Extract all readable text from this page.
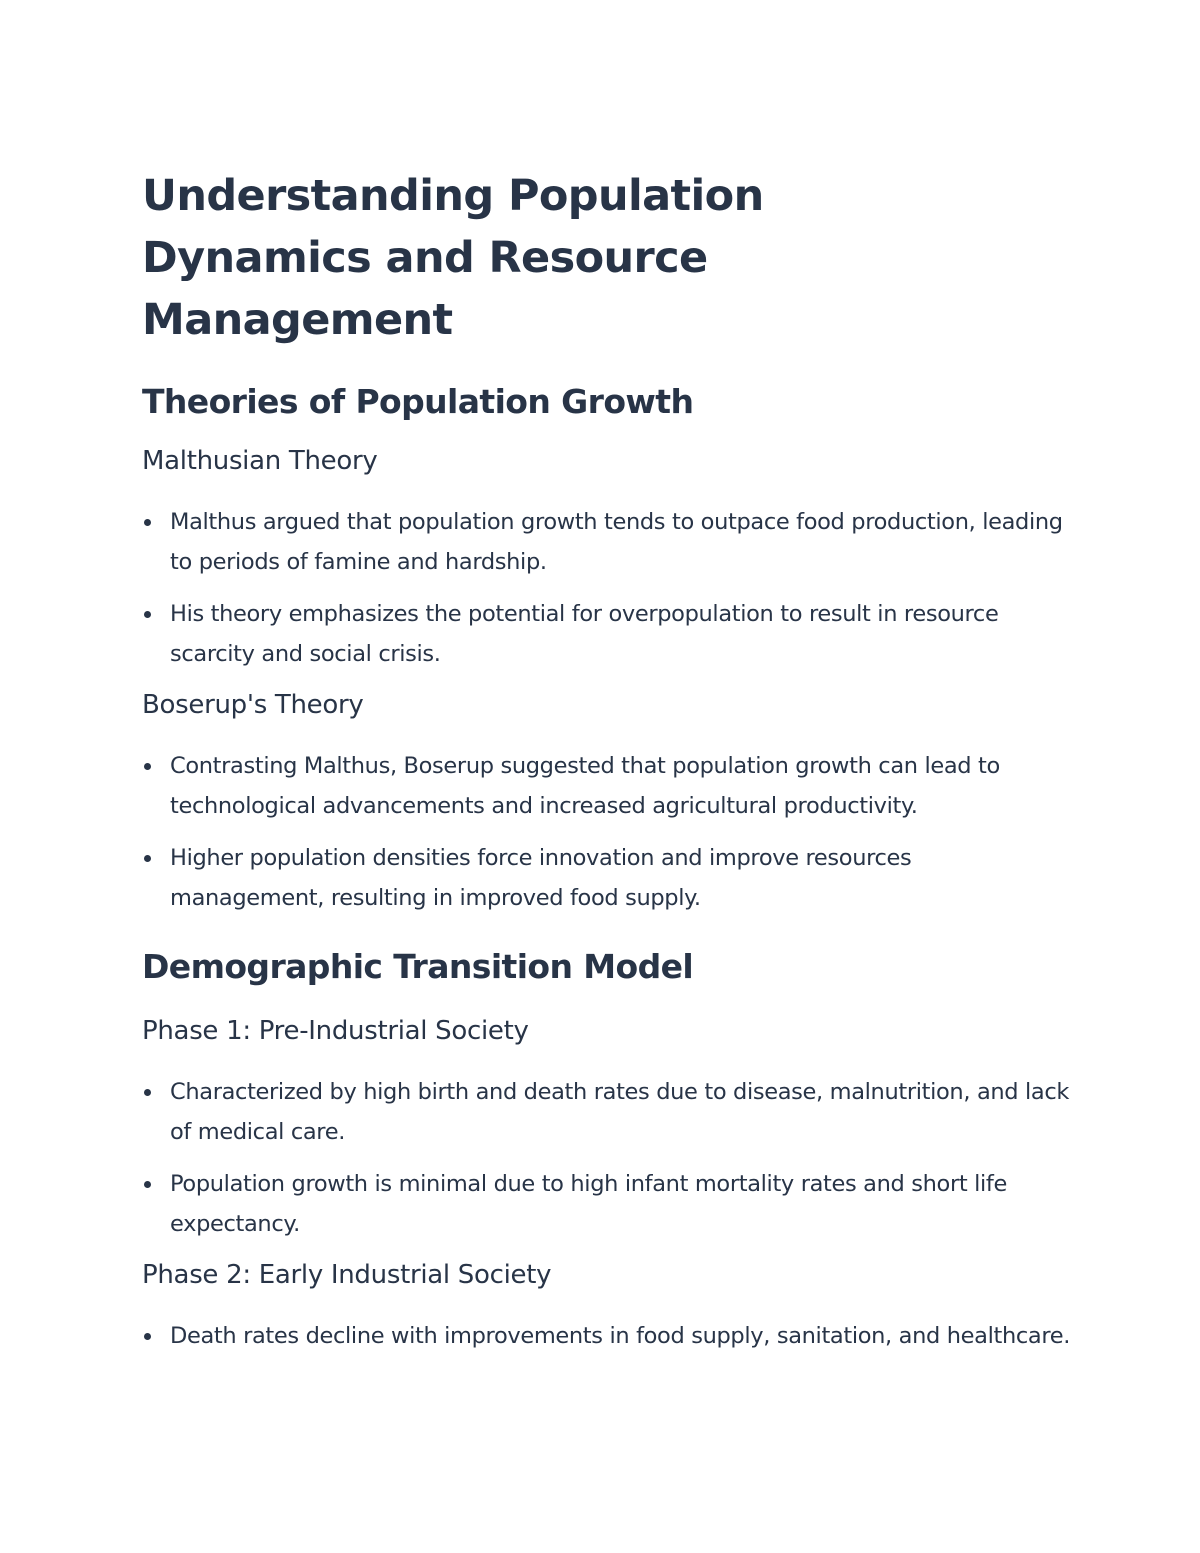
Understanding Population Dynamics and Resource Management
Theories of Population Growth
Malthusian Theory
Malthus argued that population growth tends to outpace food production, leading to periods of famine and hardship.
His theory emphasizes the potential for overpopulation to result in resource scarcity and social crisis.
Boserup's Theory
Contrasting Malthus, Boserup suggested that population growth can lead to technological advancements and increased agricultural productivity.
Higher population densities force innovation and improve resources management, resulting in improved food supply.
Demographic Transition Model
Phase 1: Pre-Industrial Society
Characterized by high birth and death rates due to disease, malnutrition, and lack of medical care.
Population growth is minimal due to high infant mortality rates and short life expectancy.
Phase 2: Early Industrial Society
Death rates decline with improvements in food supply, sanitation, and healthcare.
